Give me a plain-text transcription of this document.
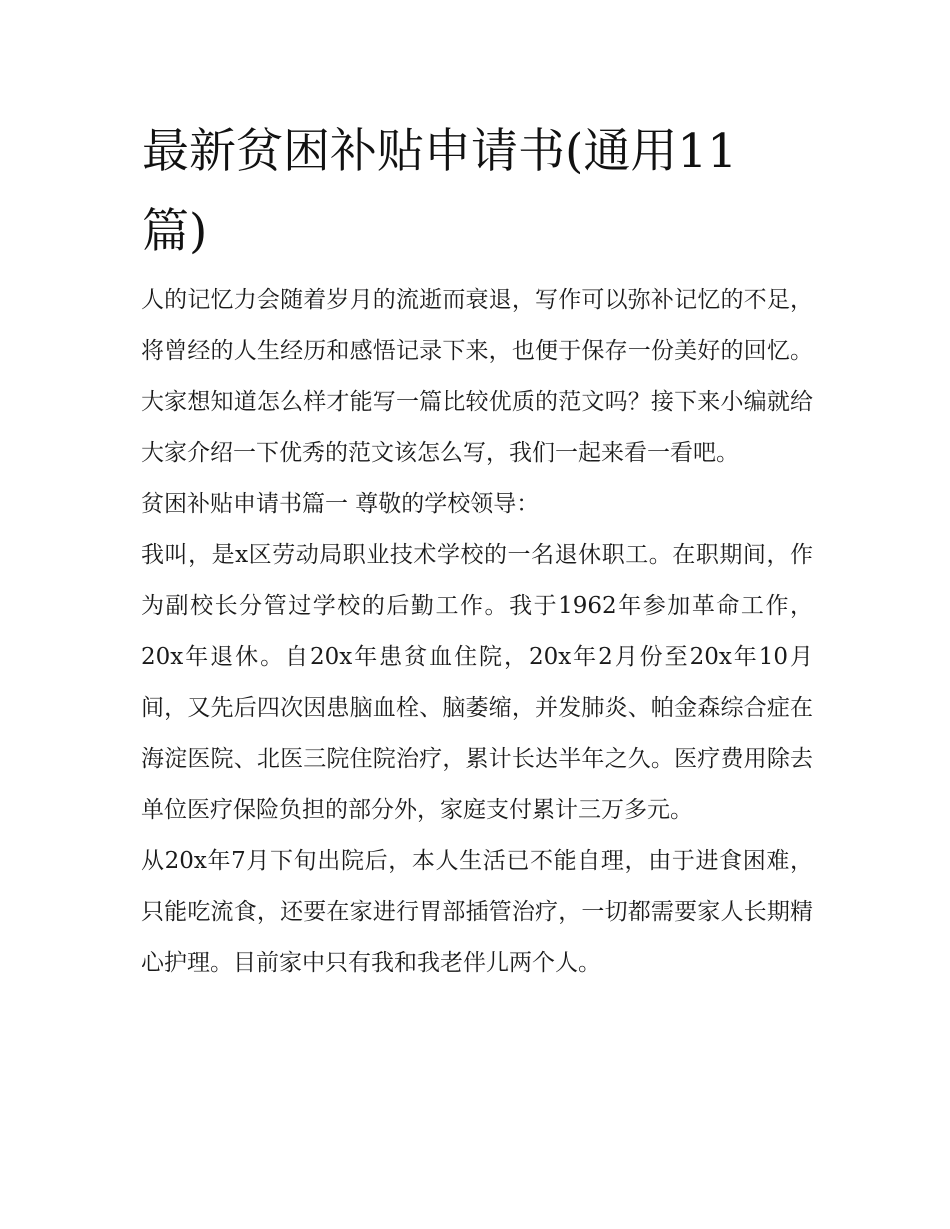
最新贫困补贴申请书(通用11篇)

人的记忆力会随着岁月的流逝而衰退，写作可以弥补记忆的不足，将曾经的人生经历和感悟记录下来，也便于保存一份美好的回忆。大家想知道怎么样才能写一篇比较优质的范文吗？接下来小编就给大家介绍一下优秀的范文该怎么写，我们一起来看一看吧。

贫困补贴申请书篇一 尊敬的学校领导：

我叫，是x区劳动局职业技术学校的一名退休职工。在职期间，作为副校长分管过学校的后勤工作。我于1962年参加革命工作，20x年退休。自20x年患贫血住院，20x年2月份至20x年10月间，又先后四次因患脑血栓、脑萎缩，并发肺炎、帕金森综合症在海淀医院、北医三院住院治疗，累计长达半年之久。医疗费用除去单位医疗保险负担的部分外，家庭支付累计三万多元。

从20x年7月下旬出院后，本人生活已不能自理，由于进食困难，只能吃流食，还要在家进行胃部插管治疗，一切都需要家人长期精心护理。目前家中只有我和我老伴儿两个人。
